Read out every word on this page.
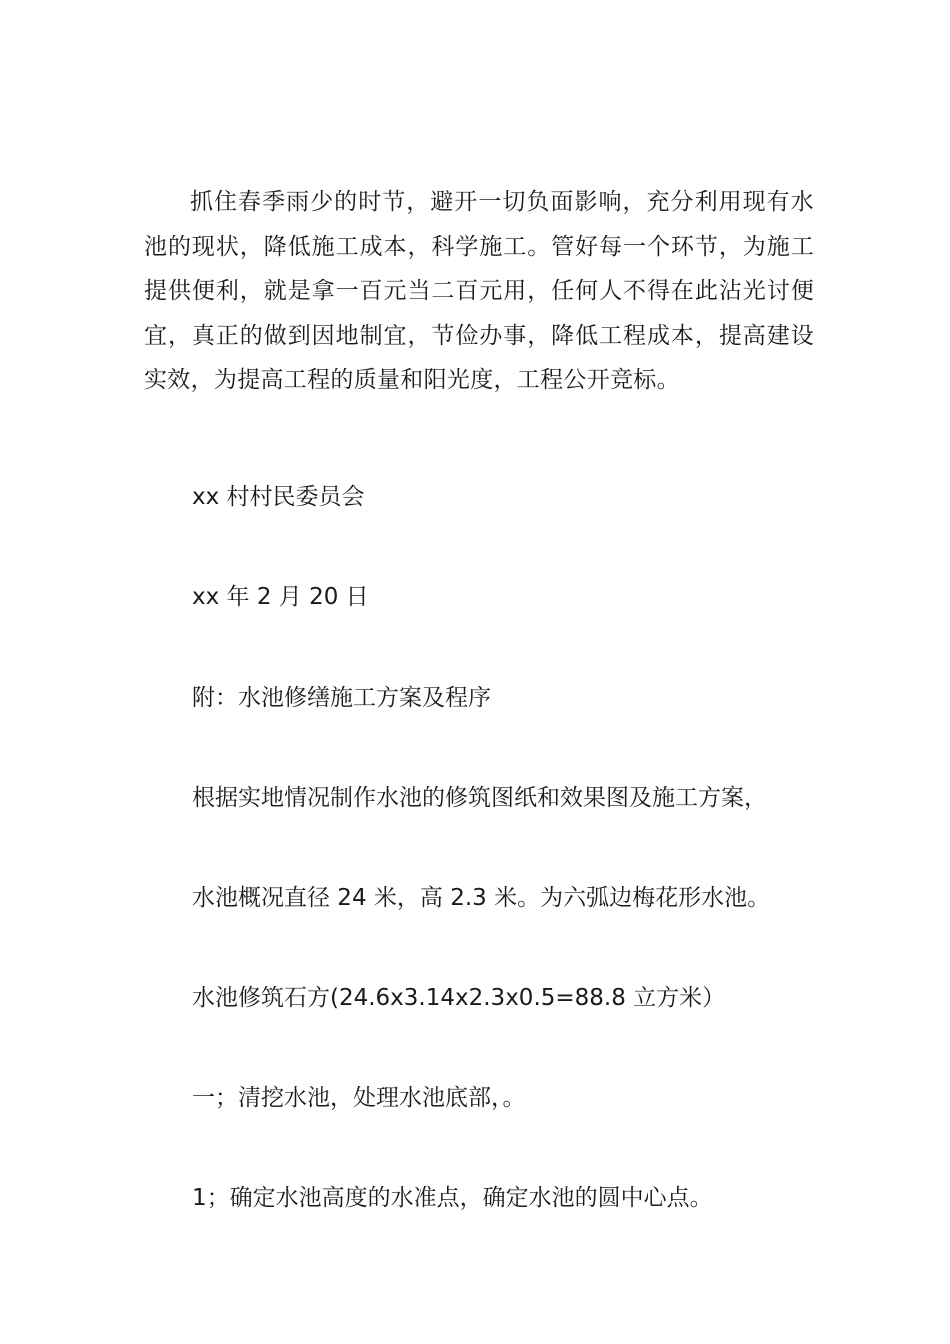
抓住春季雨少的时节，避开一切负面影响，充分利用现有水池的现状，降低施工成本，科学施工。管好每一个环节，为施工提供便利，就是拿一百元当二百元用，任何人不得在此沾光讨便宜，真正的做到因地制宜，节俭办事，降低工程成本，提高建设实效，为提高工程的质量和阳光度，工程公开竞标。

xx 村村民委员会

xx 年 2 月 20 日

附：水池修缮施工方案及程序

根据实地情况制作水池的修筑图纸和效果图及施工方案，

水池概况直径 24 米，高 2.3 米。为六弧边梅花形水池。

水池修筑石方(24.6x3.14x2.3x0.5=88.8 立方米）

一；清挖水池，处理水池底部，。

1；确定水池高度的水准点，确定水池的圆中心点。
